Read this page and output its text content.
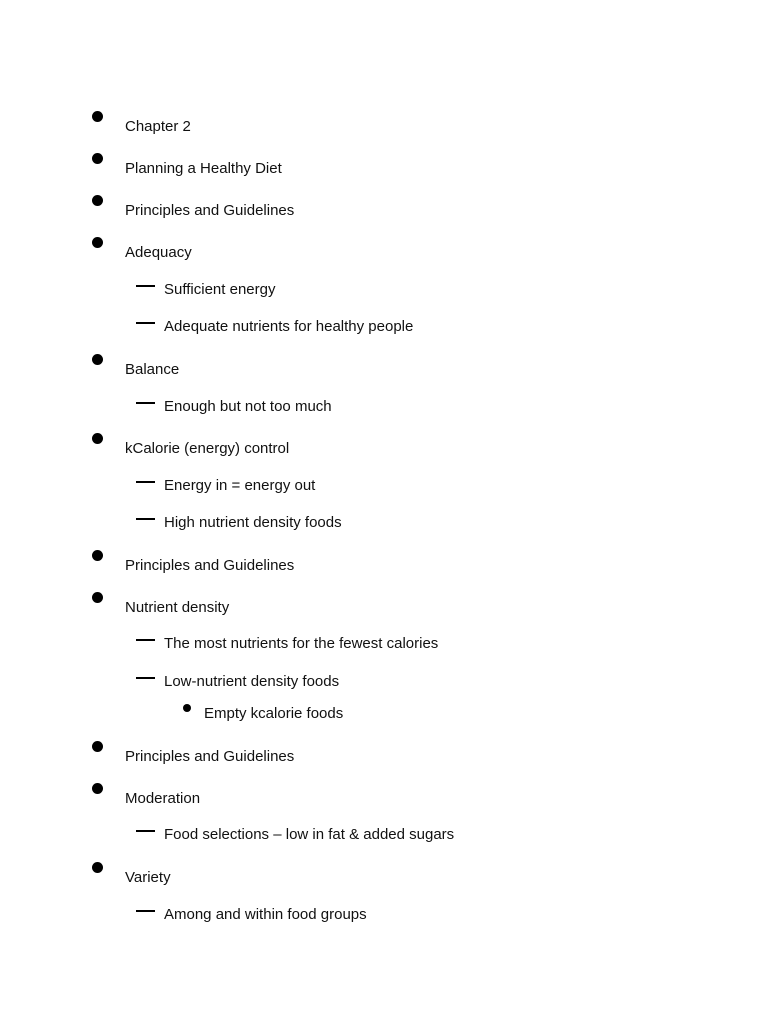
Chapter 2
Planning a Healthy Diet
Principles and Guidelines
Adequacy
Sufficient energy
Adequate nutrients for healthy people
Balance
Enough but not too much
kCalorie (energy) control
Energy in = energy out
High nutrient density foods
Principles and Guidelines
Nutrient density
The most nutrients for the fewest calories
Low-nutrient density foods
Empty kcalorie foods
Principles and Guidelines
Moderation
Food selections – low in fat & added sugars
Variety
Among and within food groups
